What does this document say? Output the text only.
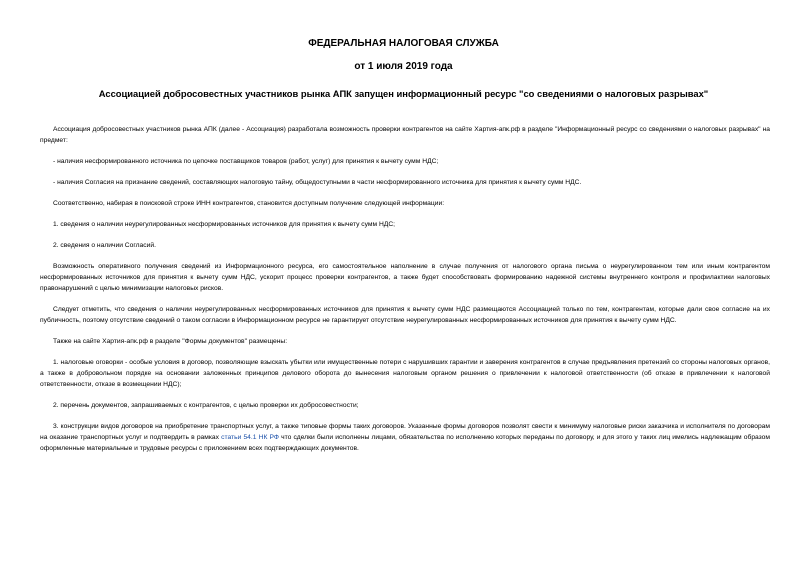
ФЕДЕРАЛЬНАЯ НАЛОГОВАЯ СЛУЖБА

от 1 июля 2019 года

Ассоциацией добросовестных участников рынка АПК запущен информационный ресурс "со сведениями о налоговых разрывах"

Ассоциация добросовестных участников рынка АПК (далее - Ассоциация) разработала возможность проверки контрагентов на сайте Хартия-апк.рф в разделе "Информационный ресурс со сведениями о налоговых разрывах" на предмет:

- наличия несформированного источника по цепочке поставщиков товаров (работ, услуг) для принятия к вычету сумм НДС;

- наличия Согласия на признание сведений, составляющих налоговую тайну, общедоступными в части несформированного источника для принятия к вычету сумм НДС.

Соответственно, набирая в поисковой строке ИНН контрагентов, становится доступным получение следующей информации:

1. сведения о наличии неурегулированных несформированных источников для принятия к вычету сумм НДС;

2. сведения о наличии Согласий.

Возможность оперативного получения сведений из Информационного ресурса, его самостоятельное наполнение в случае получения от налогового органа письма о неурегулированном тем или иным контрагентом несформированных источников для принятия к вычету сумм НДС, ускорит процесс проверки контрагентов, а также будет способствовать формированию надежной системы внутреннего контроля и профилактики налоговых правонарушений с целью минимизации налоговых рисков.

Следует отметить, что сведения о наличии неурегулированных несформированных источников для принятия к вычету сумм НДС размещаются Ассоциацией только по тем, контрагентам, которые дали свое согласие на их публичность, поэтому отсутствие сведений о таком согласии в Информационном ресурсе не гарантирует отсутствие неурегулированных несформированных источников для принятия к вычету сумм НДС.

Также на сайте Хартия-апк.рф в разделе "Формы документов" размещены:

1. налоговые оговорки - особые условия в договор, позволяющие взыскать убытки или имущественные потери с нарушивших гарантии и заверения контрагентов в случае предъявления претензий со стороны налоговых органов, а также в добровольном порядке на основании заложенных принципов делового оборота до вынесения налоговым органом решения о привлечении к налоговой ответственности (об отказе в привлечении к налоговой ответственности, отказе в возмещении НДС);

2. перечень документов, запрашиваемых с контрагентов, с целью проверки их добросовестности;

3. конструкции видов договоров на приобретение транспортных услуг, а также типовые формы таких договоров. Указанные формы договоров позволят свести к минимуму налоговые риски заказчика и исполнителя по договорам на оказание транспортных услуг и подтвердить в рамках статьи 54.1 НК РФ что сделки были исполнены лицами, обязательства по исполнению которых переданы по договору, и для этого у таких лиц имелись надлежащим образом оформленные материальные и трудовые ресурсы с приложением всех подтверждающих документов.
